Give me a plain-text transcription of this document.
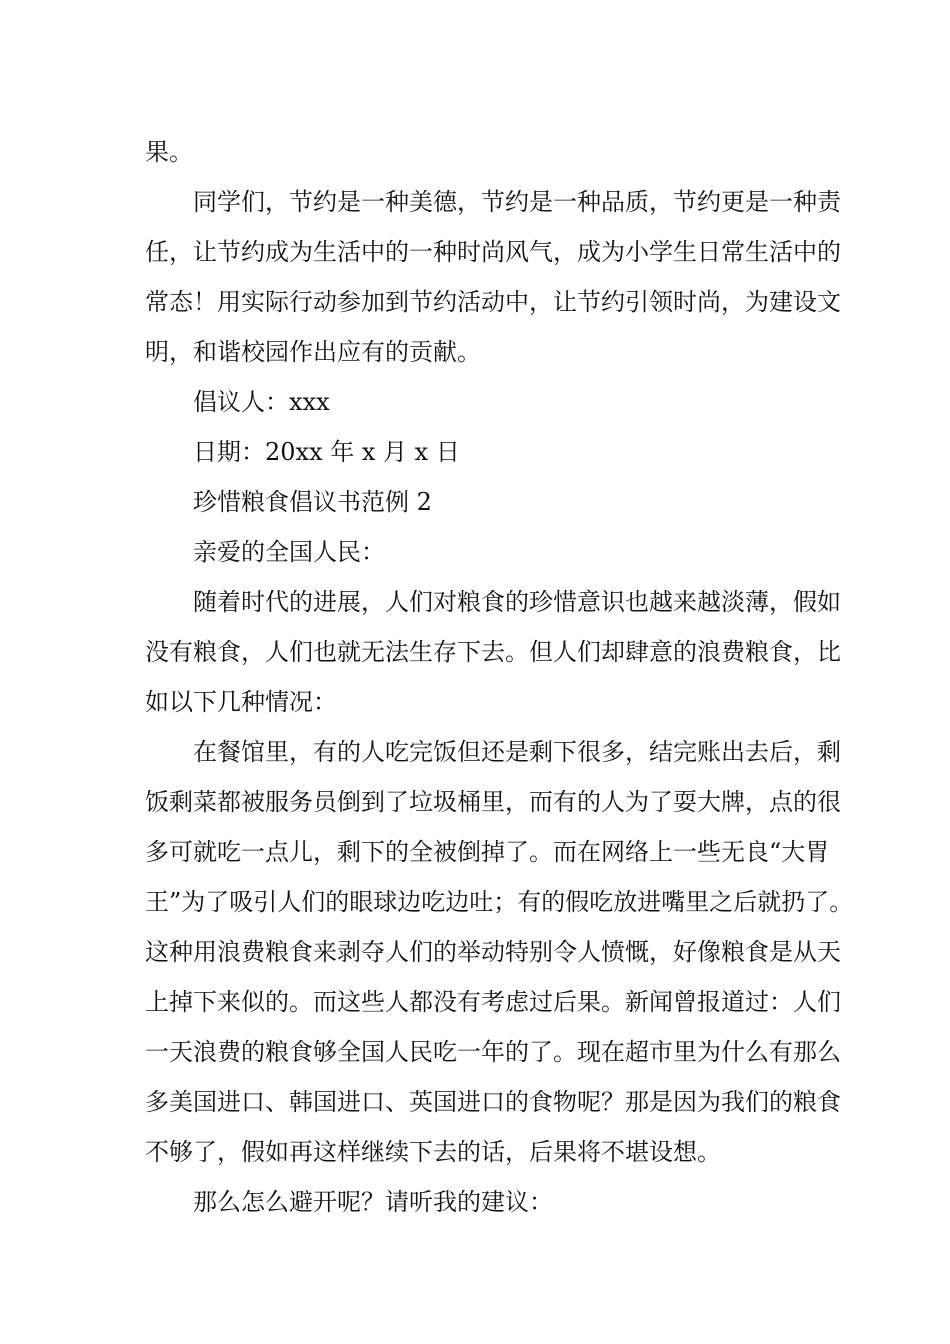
果。
同学们，节约是一种美德，节约是一种品质，节约更是一种责
任，让节约成为生活中的一种时尚风气，成为小学生日常生活中的
常态！用实际行动参加到节约活动中，让节约引领时尚，为建设文
明，和谐校园作出应有的贡献。
倡议人：xxx
日期：20xx 年 x 月 x 日
珍惜粮食倡议书范例 2
亲爱的全国人民：
随着时代的进展，人们对粮食的珍惜意识也越来越淡薄，假如
没有粮食，人们也就无法生存下去。但人们却肆意的浪费粮食，比
如以下几种情况：
在餐馆里，有的人吃完饭但还是剩下很多，结完账出去后，剩
饭剩菜都被服务员倒到了垃圾桶里，而有的人为了耍大牌，点的很
多可就吃一点儿，剩下的全被倒掉了。而在网络上一些无良“大胃
王”为了吸引人们的眼球边吃边吐；有的假吃放进嘴里之后就扔了。
这种用浪费粮食来剥夺人们的举动特别令人愤慨，好像粮食是从天
上掉下来似的。而这些人都没有考虑过后果。新闻曾报道过：人们
一天浪费的粮食够全国人民吃一年的了。现在超市里为什么有那么
多美国进口、韩国进口、英国进口的食物呢？那是因为我们的粮食
不够了，假如再这样继续下去的话，后果将不堪设想。
那么怎么避开呢？请听我的建议：
